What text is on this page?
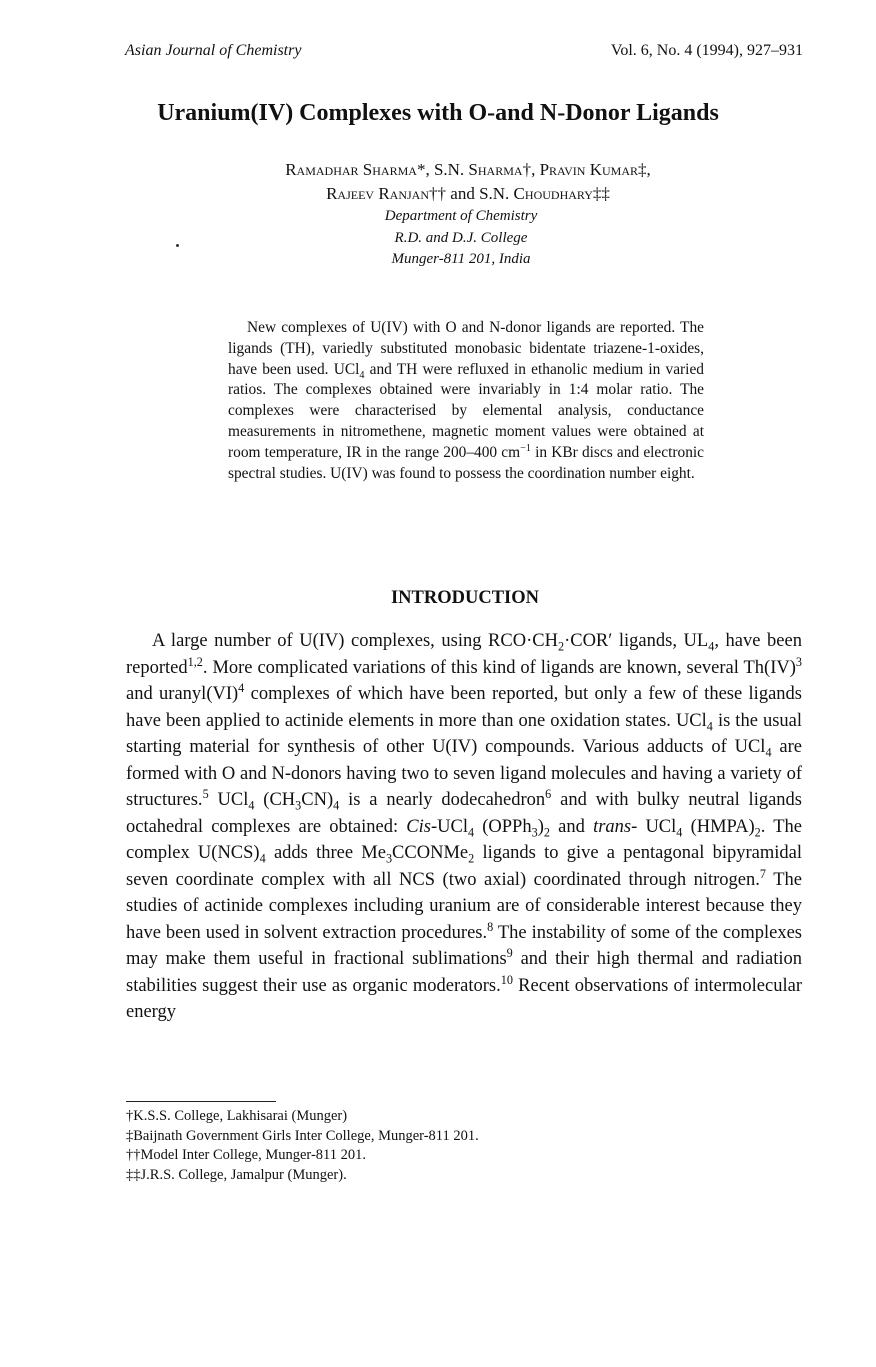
Asian Journal of Chemistry	Vol. 6, No. 4 (1994), 927–931
Uranium(IV) Complexes with O-and N-Donor Ligands
Ramadhar Sharma*, S.N. Sharma†, Pravin Kumar‡,
Rajeev Ranjan†† and S.N. Choudhary‡‡
Department of Chemistry
R.D. and D.J. College
Munger-811 201, India

New complexes of U(IV) with O and N-donor ligands are reported. The ligands (TH), variedly substituted monobasic bidentate triazene-1-oxides, have been used. UCl$_4$ and TH were refluxed in ethanolic medium in varied ratios. The complexes obtained were invariably in 1:4 molar ratio. The complexes were characterised by elemental analysis, conductance measurements in nitromethene, magnetic moment values were obtained at room temperature, IR in the range 200–400 $cm^{-1}$ in KBr discs and electronic spectral studies. U(IV) was found to possess the coordination number eight.

INTRODUCTION

A large number of U(IV) complexes, using $RCO\cdot CH_2\cdot COR'$ ligands, $UL_4$, have been reported$^{1,2}$. More complicated variations of this kind of ligands are known, several Th(IV)$^3$ and uranyl(VI)$^4$ complexes of which have been reported, but only a few of these ligands have been applied to actinide elements in more than one oxidation states. UCl$_4$ is the usual starting material for synthesis of other U(IV) compounds. Various adducts of UCl$_4$ are formed with O and N-donors having two to seven ligand molecules and having a variety of structures.$^5$ UCl$_4$ $(CH_3CN)_4$ is a nearly dodecahedron$^6$ and with bulky neutral ligands octahedral complexes are obtained: Cis-UCl$_4$ $(OPPh_3)_2$ and trans- UCl$_4$ $(HMPA)_2$. The complex $U(NCS)_4$ adds three $Me_3CCONMe_2$ ligands to give a pentagonal bipyramidal seven coordinate complex with all NCS (two axial) coordinated through nitrogen.$^7$ The studies of actinide complexes including uranium are of considerable interest because they have been used in solvent extraction procedures.$^8$ The instability of some of the complexes may make them useful in fractional sublimations$^9$ and their high thermal and radiation stabilities suggest their use as organic moderators.$^{10}$ Recent observations of intermolecular energy

†K.S.S. College, Lakhisarai (Munger)
‡Baijnath Government Girls Inter College, Munger-811 201.
††Model Inter College, Munger-811 201.
‡‡J.R.S. College, Jamalpur (Munger).
